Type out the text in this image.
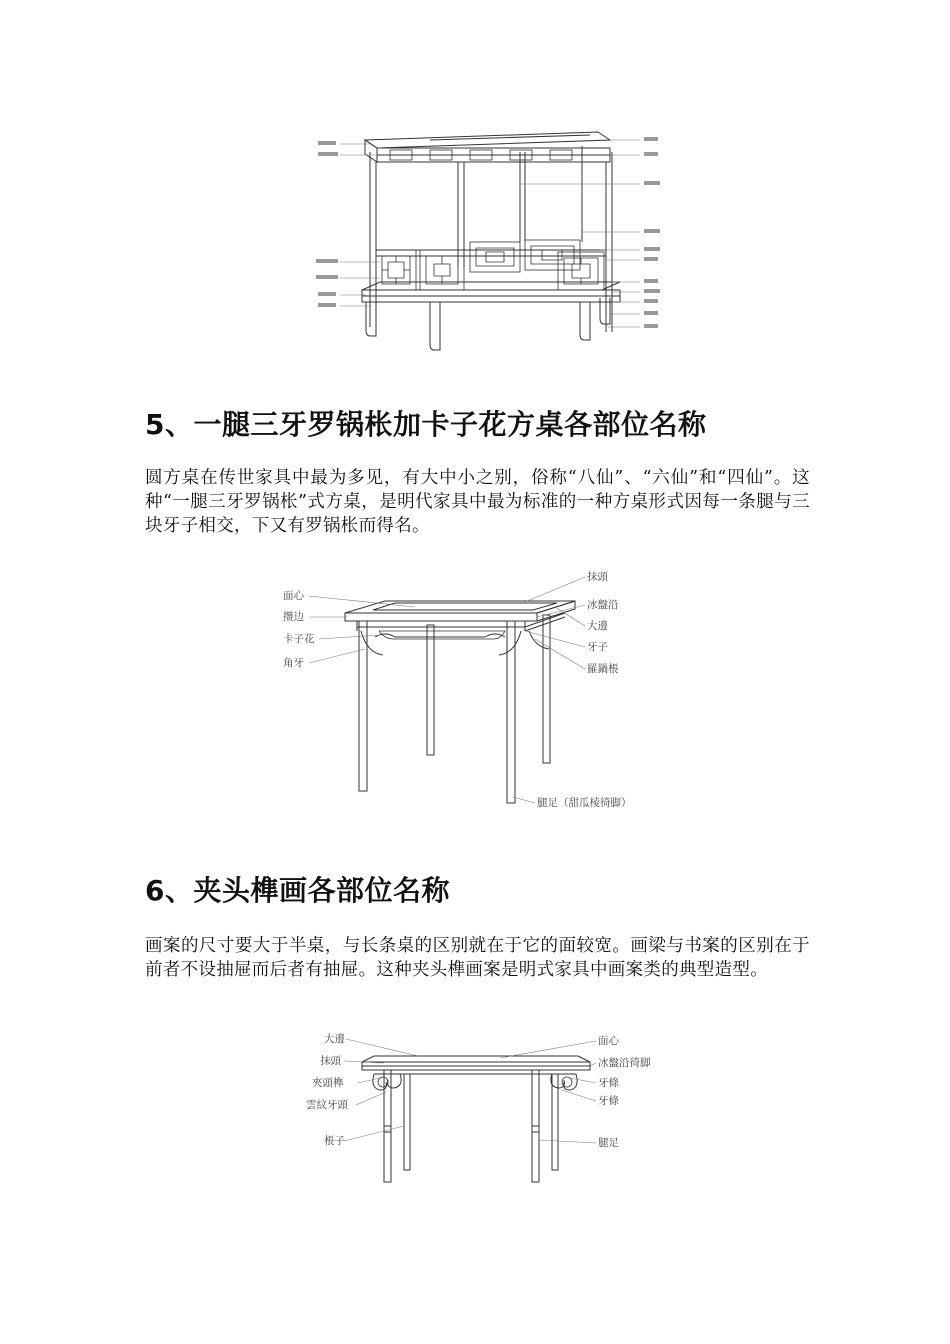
5、一腿三牙罗锅枨加卡子花方桌各部位名称

圆方桌在传世家具中最为多见，有大中小之别，俗称“八仙”、“六仙”和“四仙”。这种“一腿三牙罗锅枨”式方桌，是明代家具中最为标准的一种方桌形式因每一条腿与三块牙子相交，下又有罗锅枨而得名。

面心
攒边
卡子花
角牙
抹頭
冰盤沿
大邊
牙子
羅鍋棖
腿足（甜瓜棱徛脚）
6、夹头榫画各部位名称

画案的尺寸要大于半桌，与长条桌的区别就在于它的面较宽。画梁与书案的区别在于前者不设抽屉而后者有抽屉。这种夹头榫画案是明式家具中画案类的典型造型。

大邊
抹頭
夾頭榫
雲紋牙頭
棖子
面心
冰盤沿徛脚
牙條
牙條
腿足
